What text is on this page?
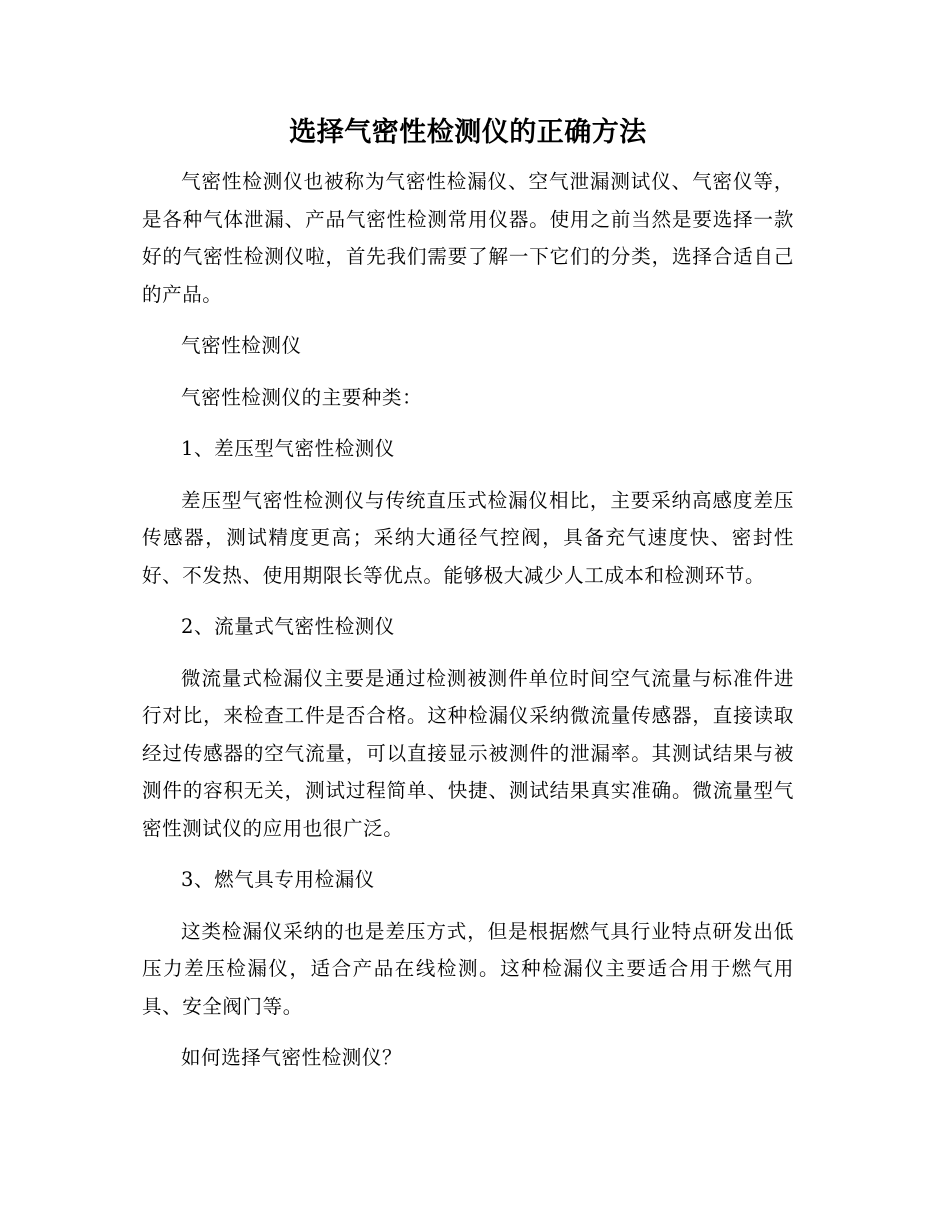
选择气密性检测仪的正确方法

气密性检测仪也被称为气密性检漏仪、空气泄漏测试仪、气密仪等，是各种气体泄漏、产品气密性检测常用仪器。使用之前当然是要选择一款好的气密性检测仪啦，首先我们需要了解一下它们的分类，选择合适自己的产品。

气密性检测仪

气密性检测仪的主要种类：

1、差压型气密性检测仪

差压型气密性检测仪与传统直压式检漏仪相比，主要采纳高感度差压传感器，测试精度更高；采纳大通径气控阀，具备充气速度快、密封性好、不发热、使用期限长等优点。能够极大减少人工成本和检测环节。

2、流量式气密性检测仪

微流量式检漏仪主要是通过检测被测件单位时间空气流量与标准件进行对比，来检查工件是否合格。这种检漏仪采纳微流量传感器，直接读取经过传感器的空气流量，可以直接显示被测件的泄漏率。其测试结果与被测件的容积无关，测试过程简单、快捷、测试结果真实准确。微流量型气密性测试仪的应用也很广泛。

3、燃气具专用检漏仪

这类检漏仪采纳的也是差压方式，但是根据燃气具行业特点研发出低压力差压检漏仪，适合产品在线检测。这种检漏仪主要适合用于燃气用具、安全阀门等。

如何选择气密性检测仪？
